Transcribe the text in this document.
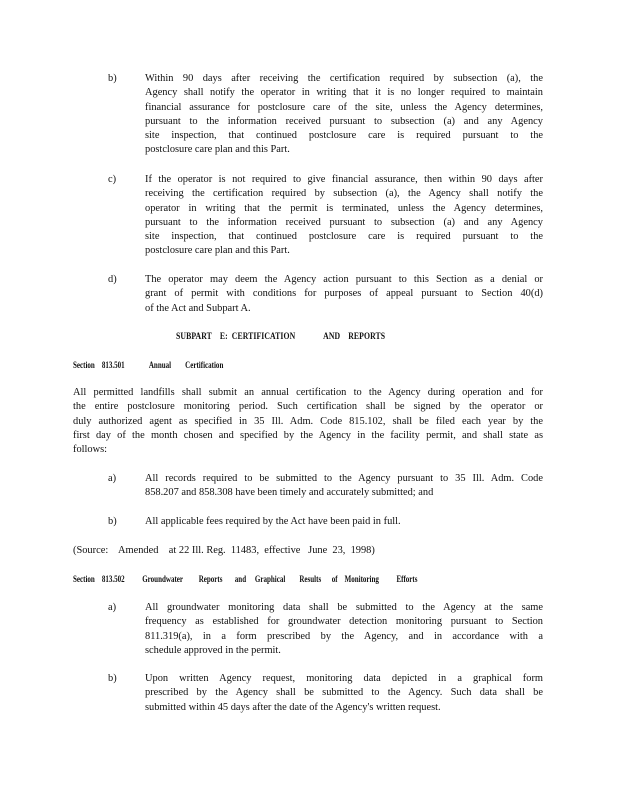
b)	Within 90 days after receiving the certification required by subsection (a), the
Agency shall notify the operator in writing that it is no longer required to maintain
financial assurance for postclosure care of the site, unless the Agency determines,
pursuant to the information received pursuant to subsection (a) and any Agency
site inspection, that continued postclosure care is required pursuant to the
postclosure care plan and this Part.
c)	If the operator is not required to give financial assurance, then within 90 days after
receiving the certification required by subsection (a), the Agency shall notify the
operator in writing that the permit is terminated, unless the Agency determines,
pursuant to the information received pursuant to subsection (a) and any Agency
site inspection, that continued postclosure care is required pursuant to the
postclosure care plan and this Part.
d)	The operator may deem the Agency action pursuant to this Section as a denial or
grant of permit with conditions for purposes of appeal pursuant to Section 40(d)
of the Act and Subpart A.
SUBPART    E:  CERTIFICATION              AND    REPORTS
Section    813.501              Annual        Certification
All permitted landfills shall submit an annual certification to the Agency during operation and for
the entire postclosure monitoring period. Such certification shall be signed by the operator or
duly authorized agent as specified in 35 Ill. Adm. Code 815.102, shall be filed each year by the
first day of the month chosen and specified by the Agency in the facility permit, and shall state as
follows:
a)	All records required to be submitted to the Agency pursuant to 35 Ill. Adm. Code
858.207 and 858.308 have been timely and accurately submitted; and
b)	All applicable fees required by the Act have been paid in full.
(Source:    Amended    at 22 Ill. Reg.  11483,  effective   June  23,  1998)
Section    813.502          Groundwater         Reports       and     Graphical        Results      of    Monitoring          Efforts
a)	All groundwater monitoring data shall be submitted to the Agency at the same
frequency as established for groundwater detection monitoring pursuant to Section
811.319(a), in a form prescribed by the Agency, and in accordance with a
schedule approved in the permit.
b)	Upon written Agency request, monitoring data depicted in a graphical form
prescribed by the Agency shall be submitted to the Agency. Such data shall be
submitted within 45 days after the date of the Agency's written request.
